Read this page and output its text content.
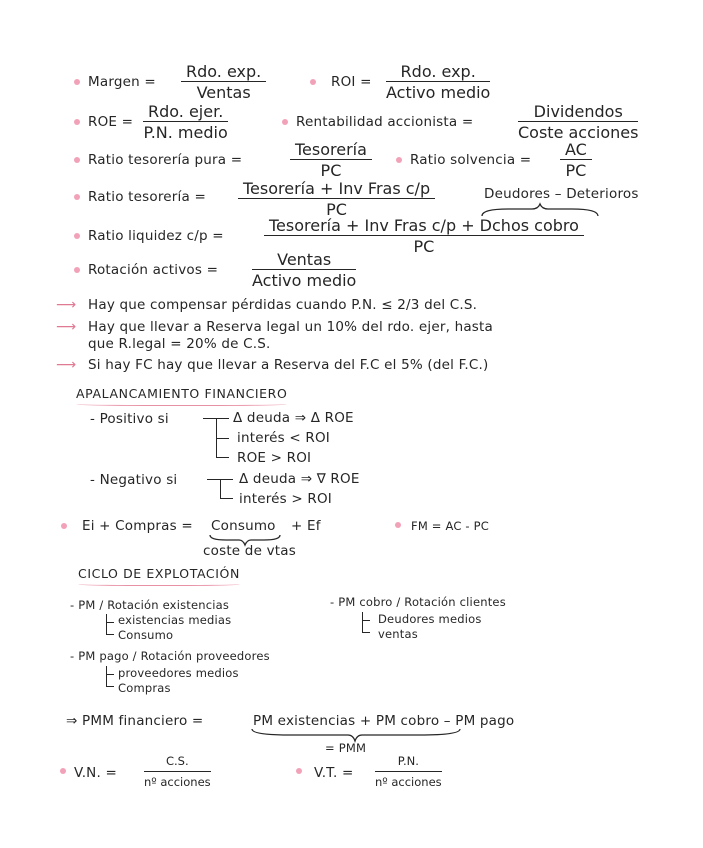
Margen =
Rdo. exp.
Ventas
ROI =
Rdo. exp.
Activo medio
ROE =
Rdo. ejer.
P.N. medio
Rentabilidad accionista =
Dividendos
Coste acciones
Ratio tesorería pura =
Tesorería
PC
Ratio solvencia = $\frac{AC}{PC}$
Ratio tesorería =	Tesorería + Inv Fras c/p
PC
Deudores – Deterioros
Ratio liquidez c/p =
Tesorería + Inv Fras c/p + Dchos cobro
PC
Rotación activos =
Ventas
Activo medio
⟶ Hay que compensar pérdidas cuando P.N. ≤ 2/3 del C.S.
⟶ Hay que llevar a Reserva legal un 10% del rdo. ejer, hasta
que R.legal = 20% de C.S.
⟶ Si hay FC hay que llevar a Reserva del F.C el 5% (del F.C.)
APALANCAMIENTO FINANCIERO
- Positivo si	Δ deuda ⇒ Δ ROE
interés < ROI
ROE > ROI
- Negativo si	Δ deuda ⇒ ∇ ROE
interés > ROI
Ei + Compras = Consumo + Ef
coste de vtas
FM = AC - PC
CICLO DE EXPLOTACIÓN
- PM / Rotación existencias
existencias medias
Consumo
- PM cobro / Rotación clientes
Deudores medios
ventas
- PM pago / Rotación proveedores
proveedores medios
Compras
⇒ PMM financiero =	PM existencias + PM cobro – PM pago
= PMM
V.N. =
C.S.
nº acciones
V.T. =
P.N.
nº acciones
